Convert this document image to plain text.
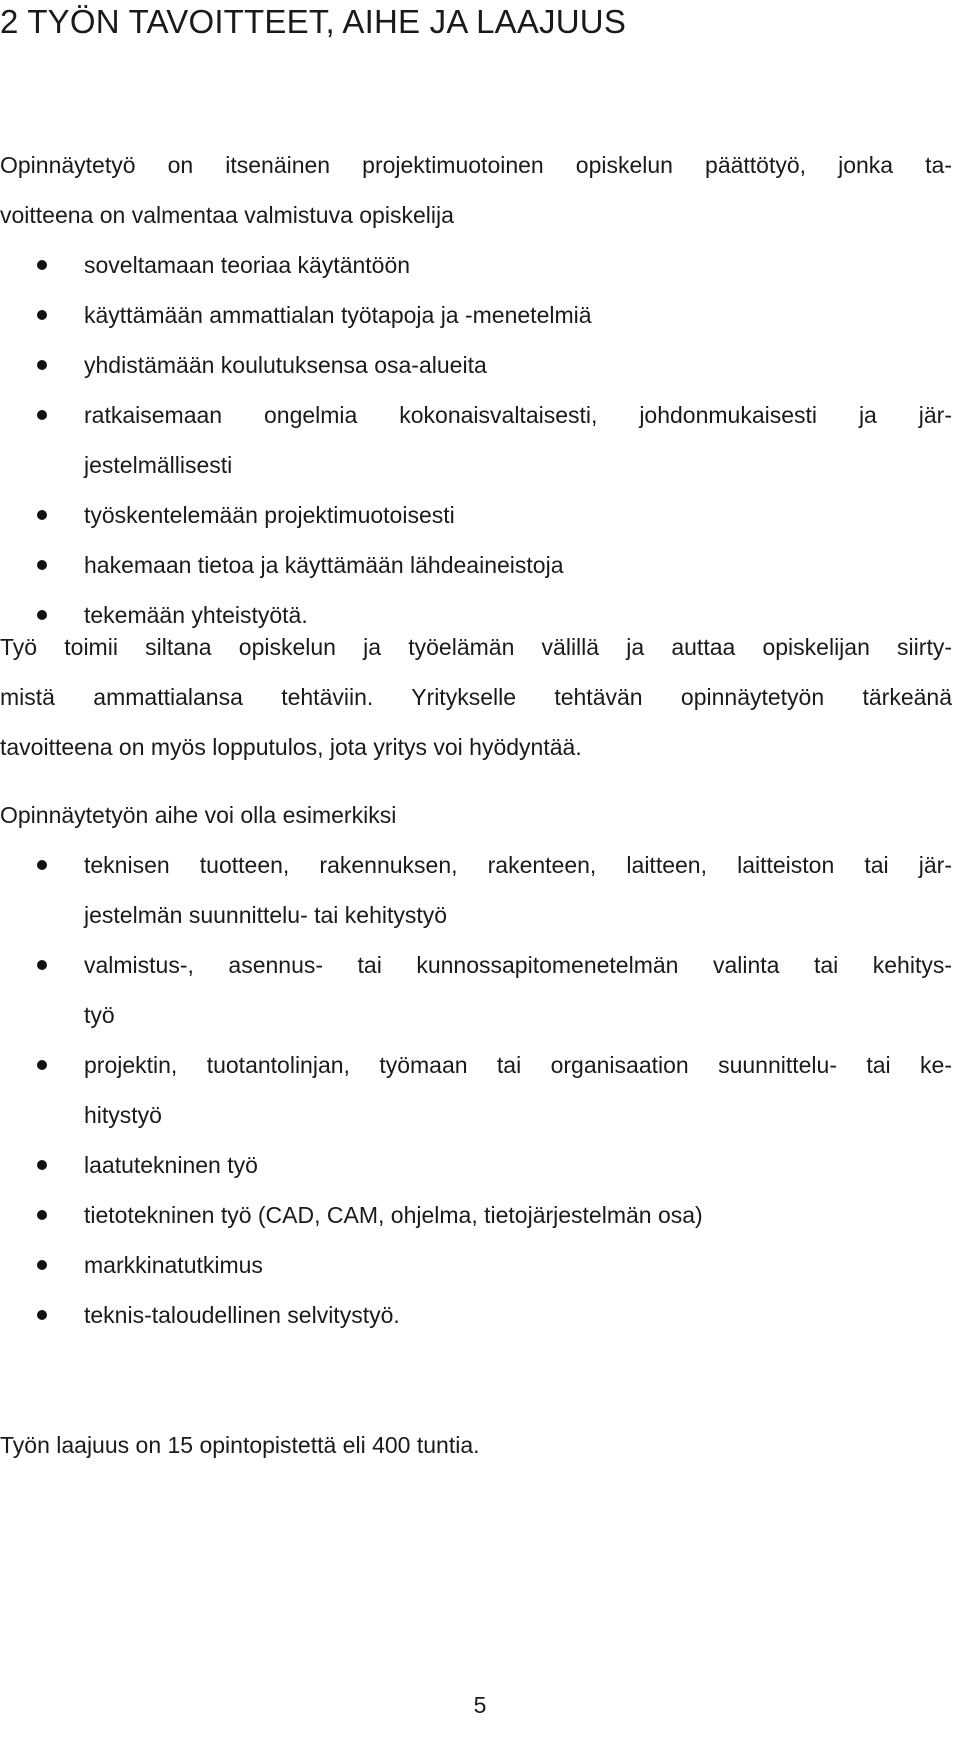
2 TYÖN TAVOITTEET, AIHE JA LAAJUUS
Opinnäytetyö on itsenäinen projektimuotoinen opiskelun päättötyö, jonka ta-
voitteena on valmentaa valmistuva opiskelija
soveltamaan teoriaa käytäntöön
käyttämään ammattialan työtapoja ja -menetelmiä
yhdistämään koulutuksensa osa-alueita
ratkaisemaan ongelmia kokonaisvaltaisesti, johdonmukaisesti ja jär-
jestelmällisesti
työskentelemään projektimuotoisesti
hakemaan tietoa ja käyttämään lähdeaineistoja
tekemään yhteistyötä.
Työ toimii siltana opiskelun ja työelämän välillä ja auttaa opiskelijan siirty-
mistä ammattialansa tehtäviin. Yritykselle tehtävän opinnäytetyön tärkeänä
tavoitteena on myös lopputulos, jota yritys voi hyödyntää.
Opinnäytetyön aihe voi olla esimerkiksi
teknisen tuotteen, rakennuksen, rakenteen, laitteen, laitteiston tai jär-
jestelmän suunnittelu- tai kehitystyö
valmistus-, asennus- tai kunnossapitomenetelmän valinta tai kehitys-
työ
projektin, tuotantolinjan, työmaan tai organisaation suunnittelu- tai ke-
hitystyö
laatutekninen työ
tietotekninen työ (CAD, CAM, ohjelma, tietojärjestelmän osa)
markkinatutkimus
teknis-taloudellinen selvitystyö.
Työn laajuus on 15 opintopistettä eli 400 tuntia.
5
